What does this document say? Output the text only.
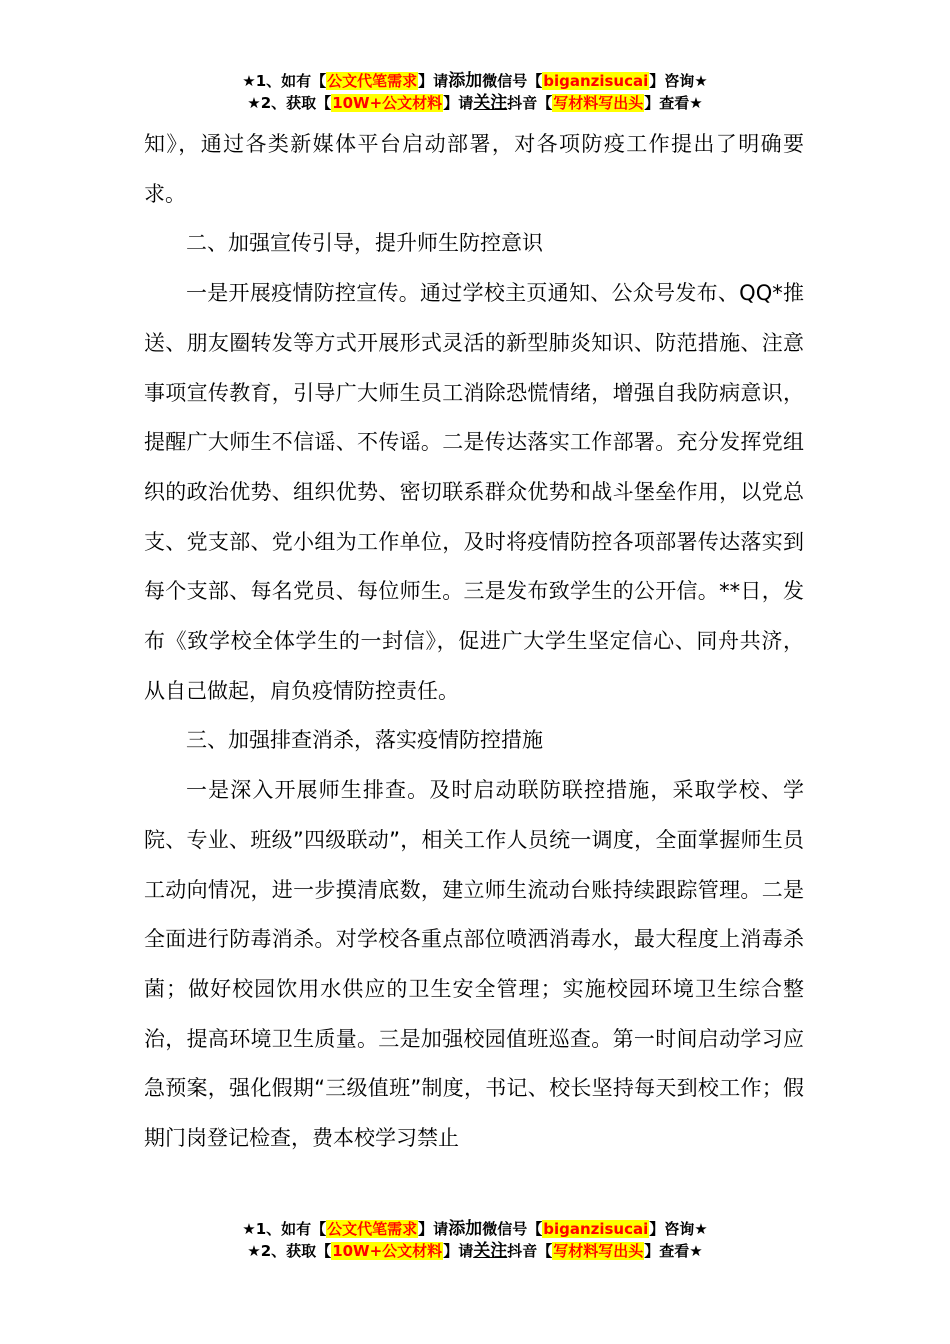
★1、如有【公文代笔需求】请添加微信号【biganzisucai】咨询★
★2、获取【10W+公文材料】请关注抖音【写材料写出头】查看★

知》，通过各类新媒体平台启动部署，对各项防疫工作提出了明确要求。

二、加强宣传引导，提升师生防控意识

一是开展疫情防控宣传。通过学校主页通知、公众号发布、QQ*推送、朋友圈转发等方式开展形式灵活的新型肺炎知识、防范措施、注意事项宣传教育，引导广大师生员工消除恐慌情绪，增强自我防病意识，提醒广大师生不信谣、不传谣。二是传达落实工作部署。充分发挥党组织的政治优势、组织优势、密切联系群众优势和战斗堡垒作用，以党总支、党支部、党小组为工作单位，及时将疫情防控各项部署传达落实到每个支部、每名党员、每位师生。三是发布致学生的公开信。**日，发布《致学校全体学生的一封信》，促进广大学生坚定信心、同舟共济，从自己做起，肩负疫情防控责任。

三、加强排查消杀，落实疫情防控措施

一是深入开展师生排查。及时启动联防联控措施，采取学校、学院、专业、班级”四级联动”，相关工作人员统一调度，全面掌握师生员工动向情况，进一步摸清底数，建立师生流动台账持续跟踪管理。二是全面进行防毒消杀。对学校各重点部位喷洒消毒水，最大程度上消毒杀菌；做好校园饮用水供应的卫生安全管理；实施校园环境卫生综合整治，提高环境卫生质量。三是加强校园值班巡查。第一时间启动学习应急预案，强化假期“三级值班”制度，书记、校长坚持每天到校工作；假期门岗登记检查，费本校学习禁止

★1、如有【公文代笔需求】请添加微信号【biganzisucai】咨询★
★2、获取【10W+公文材料】请关注抖音【写材料写出头】查看★
